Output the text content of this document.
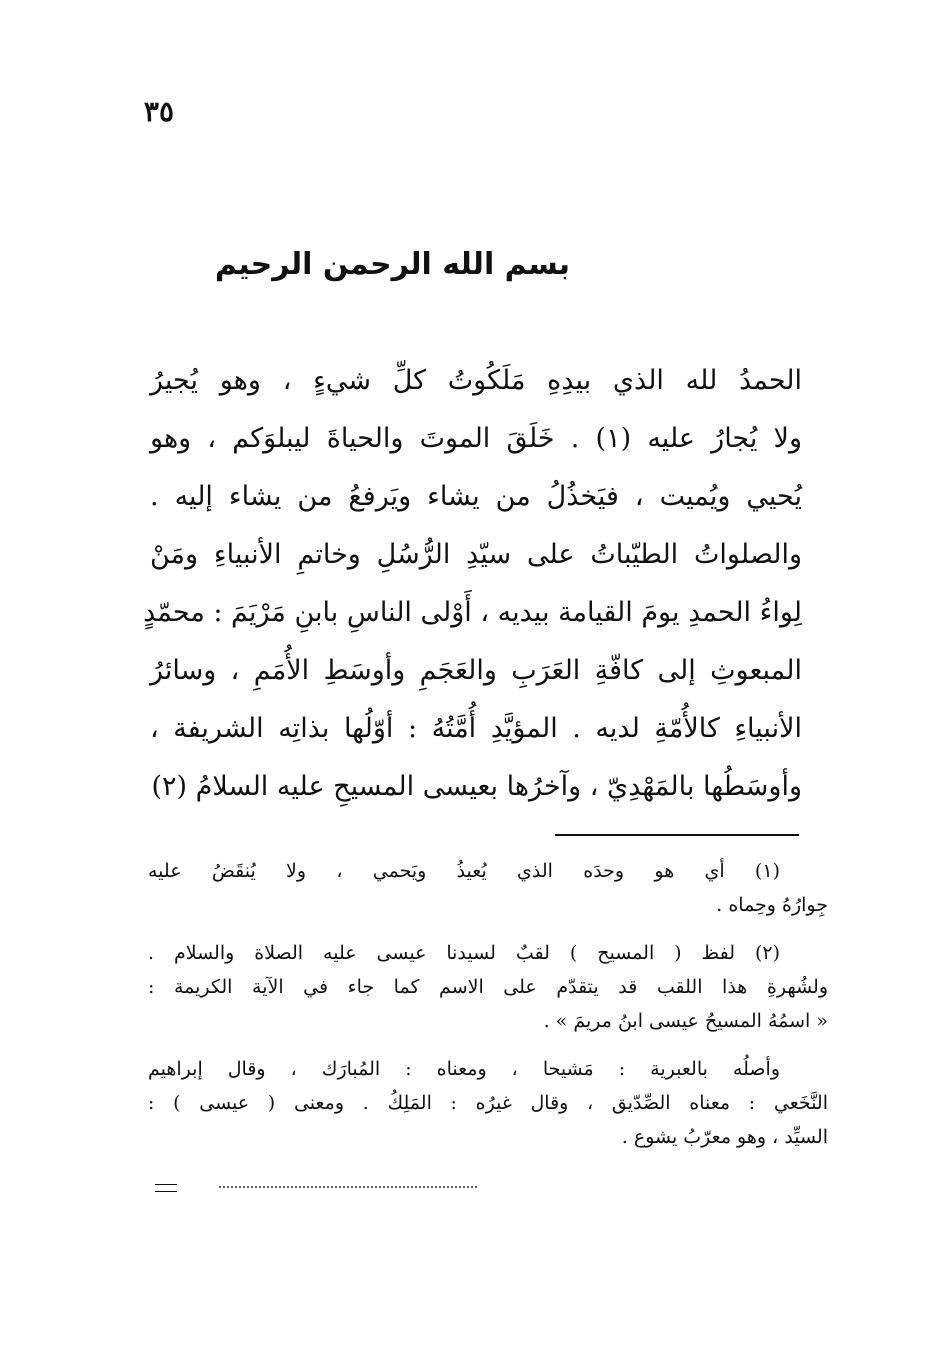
٣٥
بسم الله الرحمن الرحيم
الحمدُ لله الذي بيدِهِ مَلَكُوتُ كلِّ شيءٍ ، وهو يُجيرُ
ولا يُجارُ عليه (١) . خَلَقَ الموتَ والحياةَ ليبلوَكم ، وهو
يُحيي ويُميت ، فيَخذُلُ من يشاء ويَرفعُ من يشاء إليه .
والصلواتُ الطيّباتُ على سيّدِ الرُّسُلِ وخاتمِ الأنبياءِ ومَنْ
لِواءُ الحمدِ يومَ القيامة بيديه ، أَوْلى الناسِ بابنِ مَرْيَمَ : محمّدٍ
المبعوثِ إلى كافّةِ العَرَبِ والعَجَمِ وأوسَطِ الأُمَمِ ، وسائرُ
الأنبياءِ كالأُمّةِ لديه . المؤيَّدِ أُمَّتُهُ : أوّلُها بذاتِه الشريفة ،
وأوسَطُها بالمَهْدِيّ ، وآخرُها بعيسى المسيحِ عليه السلامُ (٢)
(١) أي هو وحدَه الذي يُعيذُ ويَحمي ، ولا يُنقَضُ عليه
جِوارُهُ وحِماه .
(٢) لفظ ( المسيح ) لقبٌ لسيدنا عيسى عليه الصلاة والسلام .
ولشُهرةِ هذا اللقب قد يتقدّم على الاسم كما جاء في الآية الكريمة :
« اسمُهُ المسيحُ عيسى ابنُ مريمَ » .
وأصلُه بالعبرية : مَشيحا ، ومعناه : المُبارَك ، وقال إبراهيم
النَّخَعي : معناه الصِّدّيق ، وقال غيرُه : المَلِكُ . ومعنى ( عيسى ) :
السيِّد ، وهو معرّبُ يشوع .
